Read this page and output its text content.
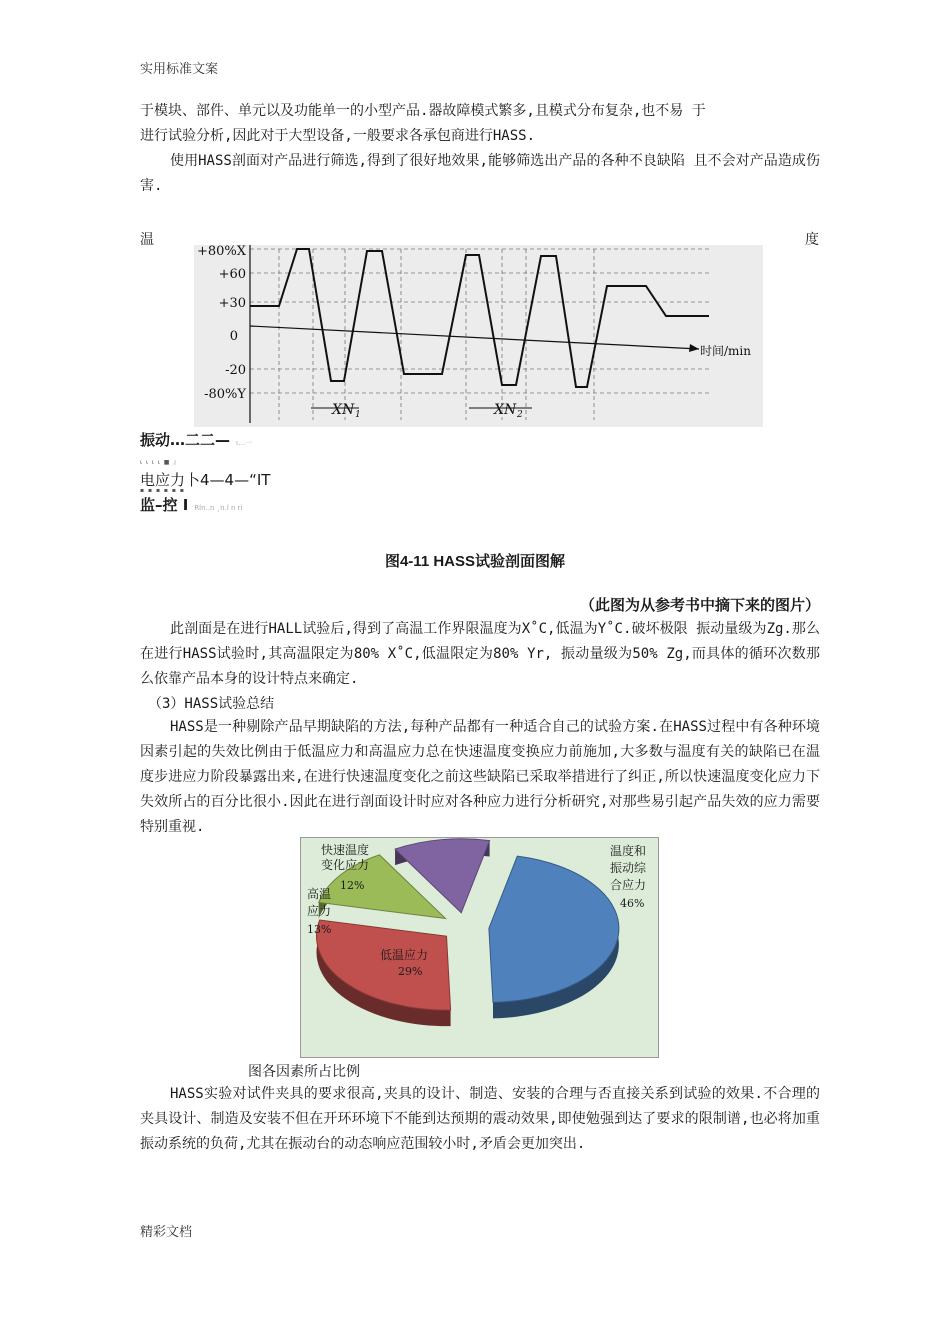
实用标准文案

于模块、部件、单元以及功能单一的小型产品.器故障模式繁多,且模式分布复杂,也不易 于

进行试验分析,因此对于大型设备,一般要求各承包商进行HASS.

使用HASS剖面对产品进行筛选,得到了很好地效果,能够筛选出产品的各种不良缺陷 且不会对产品造成伤害.

温	度
+80%X
+60
+30
0
-20
-80%Y
时间/min
XN 1	XN 2
振动…二二— ι…一
ι ι ι ι ■ 』
电应力卜4—4—“IT
▪ ▪ ▪ ▪ ▪ ▪
监–控 Ⅰ Rln..n ¸n.l n ri
图4-11 HASS试验剖面图解
（此图为从参考书中摘下来的图片）

此剖面是在进行HALL试验后,得到了高温工作界限温度为X˚C,低温为Y˚C.破坏极限 振动量级为Zg.那么在进行HASS试验时,其高温限定为80% X˚C,低温限定为80% Yr, 振动量级为50% Zg,而具体的循环次数那么依靠产品本身的设计特点来确定.

（3）HASS试验总结

HASS是一种剔除产品早期缺陷的方法,每种产品都有一种适合自己的试验方案.在HASS过程中有各种环境因素引起的失效比例由于低温应力和高温应力总在快速温度变换应力前施加,大多数与温度有关的缺陷已在温度步进应力阶段暴露出来,在进行快速温度变化之前这些缺陷已采取举措进行了纠正,所以快速温度变化应力下失效所占的百分比很小.因此在进行剖面设计时应对各种应力进行分析研究,对那些易引起产品失效的应力需要特别重视.

快速温度
变化应力
12%
高温
应力
13%
低温应力
29%
温度和
振动综
合应力
46%
图各因素所占比例

HASS实验对试件夹具的要求很高,夹具的设计、制造、安装的合理与否直接关系到试验的效果.不合理的夹具设计、制造及安装不但在开环环境下不能到达预期的震动效果,即使勉强到达了要求的限制谱,也必将加重振动系统的负荷,尤其在振动台的动态响应范围较小时,矛盾会更加突出.

精彩文档
